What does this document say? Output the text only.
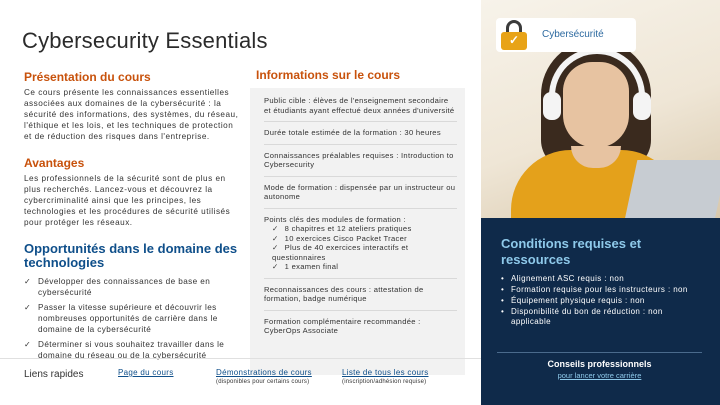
Cybersecurity Essentials
Présentation du cours
Ce cours présente les connaissances essentielles associées aux domaines de la cybersécurité : la sécurité des informations, des systèmes, du réseau, l'éthique et les lois, et les techniques de protection et de réduction des risques dans l'entreprise.
Avantages
Les professionnels de la sécurité sont de plus en plus recherchés. Lancez-vous et découvrez la cybercriminalité ainsi que les principes, les technologies et les procédures de sécurité utilisés pour protéger les réseaux.
Opportunités dans le domaine des technologies
✓ Développer des connaissances de base en cybersécurité
✓ Passer la vitesse supérieure et découvrir les nombreuses opportunités de carrière dans le domaine de la cybersécurité
✓ Déterminer si vous souhaitez travailler dans le domaine du réseau ou de la cybersécurité
Informations sur le cours
Public cible : élèves de l'enseignement secondaire et étudiants ayant effectué deux années d'université
Durée totale estimée de la formation : 30 heures
Connaissances préalables requises : Introduction to Cybersecurity
Mode de formation : dispensée par un instructeur ou autonome
Points clés des modules de formation :
✓ 8 chapitres et 12 ateliers pratiques
✓ 10 exercices Cisco Packet Tracer
✓ Plus de 40 exercices interactifs et questionnaires
✓ 1 examen final
Reconnaissances des cours : attestation de formation, badge numérique
Formation complémentaire recommandée : CyberOps Associate
✓
Cybersécurité
Conditions requises et ressources
• Alignement ASC requis : non
• Formation requise pour les instructeurs : non
• Équipement physique requis : non
• Disponibilité du bon de réduction : non applicable
Conseils professionnels
pour lancer votre carrière
Liens rapides	Page du cours	Démonstrations de cours
(disponibles pour certains cours)
Liste de tous les cours
(inscription/adhésion requise)
